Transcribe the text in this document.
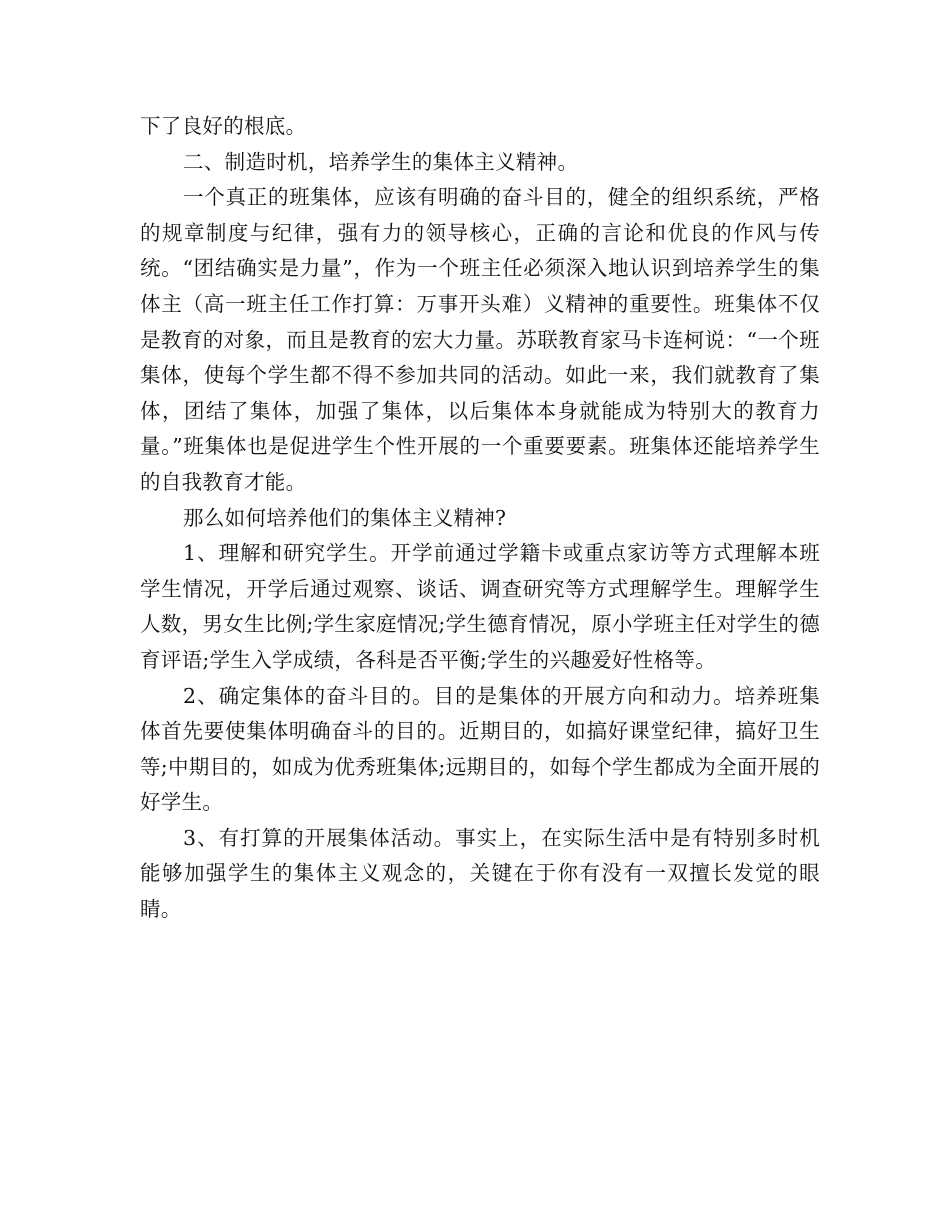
下了良好的根底。

二、制造时机，培养学生的集体主义精神。

一个真正的班集体，应该有明确的奋斗目的，健全的组织系统，严格的规章制度与纪律，强有力的领导核心，正确的言论和优良的作风与传统。“团结确实是力量”，作为一个班主任必须深入地认识到培养学生的集体主（高一班主任工作打算：万事开头难）义精神的重要性。班集体不仅是教育的对象，而且是教育的宏大力量。苏联教育家马卡连柯说：“一个班集体，使每个学生都不得不参加共同的活动。如此一来，我们就教育了集体，团结了集体，加强了集体，以后集体本身就能成为特别大的教育力量。”班集体也是促进学生个性开展的一个重要要素。班集体还能培养学生的自我教育才能。

那么如何培养他们的集体主义精神?

1、理解和研究学生。开学前通过学籍卡或重点家访等方式理解本班学生情况，开学后通过观察、谈话、调查研究等方式理解学生。理解学生人数，男女生比例;学生家庭情况;学生德育情况，原小学班主任对学生的德育评语;学生入学成绩，各科是否平衡;学生的兴趣爱好性格等。

2、确定集体的奋斗目的。目的是集体的开展方向和动力。培养班集体首先要使集体明确奋斗的目的。近期目的，如搞好课堂纪律，搞好卫生等;中期目的，如成为优秀班集体;远期目的，如每个学生都成为全面开展的好学生。

3、有打算的开展集体活动。事实上，在实际生活中是有特别多时机能够加强学生的集体主义观念的，关键在于你有没有一双擅长发觉的眼睛。
